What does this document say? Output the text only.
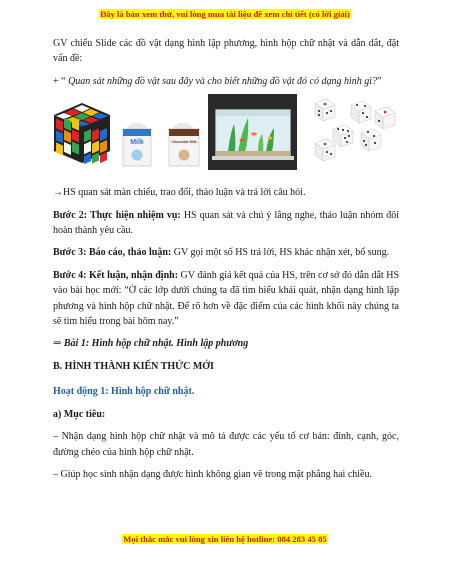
Đây là bản xem thử, vui lòng mua tài liệu để xem chi tiết (có lời giải)

GV chiếu Slide các đồ vật dạng hình lập phương, hình hộp chữ nhật và dẫn dắt, đặt vấn đề:

+ “ Quan sát những đồ vật sau đây và cho biết những đồ vật đó có dạng hình gì?”

Milk	Chocolate Milk

→HS quan sát màn chiếu, trao đổi, thảo luận và trả lời câu hỏi.

Bước 2: Thực hiện nhiệm vụ: HS quan sát và chú ý lắng nghe, thảo luận nhóm đôi hoàn thành yêu cầu.

Bước 3: Báo cáo, thảo luận: GV gọi một số HS trả lời, HS khác nhận xét, bổ sung.

Bước 4: Kết luận, nhận định: GV đánh giá kết quả của HS, trên cơ sở đó dẫn dắt HS vào bài học mới: “Ở các lớp dưới chúng ta đã tìm hiểu khái quát, nhận dạng hình lập phương và hình hộp chữ nhật. Để rõ hơn về đặc điểm của các hình khối này chúng ta sẽ tìm hiểu trong bài hôm nay.”

⇒ Bài 1: Hình hộp chữ nhật. Hình lập phương

B. HÌNH THÀNH KIẾN THỨC MỚI

Hoạt động 1: Hình hộp chữ nhật.

a) Mục tiêu:

– Nhận dạng hình hộp chữ nhật và mô tả được các yếu tố cơ bản: đỉnh, cạnh, góc, đường chéo của hình hộp chữ nhật.

– Giúp học sinh nhận dạng được hình không gian vẽ trong mặt phẳng hai chiều.

Mọi thắc mắc vui lòng xin liên hệ hotline: 084 283 45 85
